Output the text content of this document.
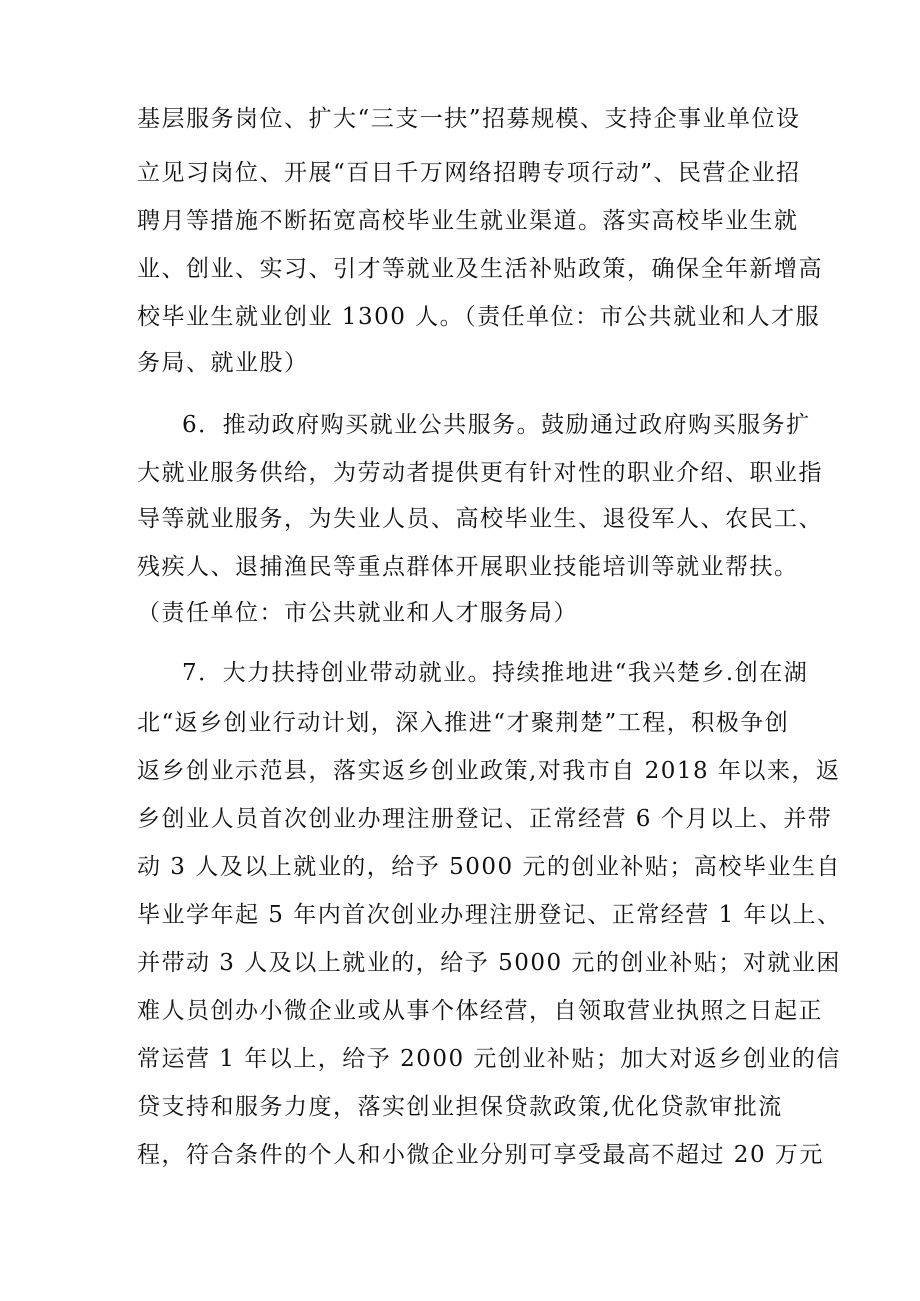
基层服务岗位、扩大“三支一扶”招募规模、支持企事业单位设
立见习岗位、开展“百日千万网络招聘专项行动”、民营企业招
聘月等措施不断拓宽高校毕业生就业渠道。落实高校毕业生就
业、创业、实习、引才等就业及生活补贴政策，确保全年新增高
校毕业生就业创业 1300 人。（责任单位：市公共就业和人才服
务局、就业股）
6．推动政府购买就业公共服务。鼓励通过政府购买服务扩
大就业服务供给，为劳动者提供更有针对性的职业介绍、职业指
导等就业服务，为失业人员、高校毕业生、退役军人、农民工、
残疾人、退捕渔民等重点群体开展职业技能培训等就业帮扶。
（责任单位：市公共就业和人才服务局）
7．大力扶持创业带动就业。持续推地进“我兴楚乡.创在湖
北“返乡创业行动计划，深入推进“才聚荆楚”工程，积极争创
返乡创业示范县，落实返乡创业政策,对我市自 2018 年以来，返
乡创业人员首次创业办理注册登记、正常经营 6 个月以上、并带
动 3 人及以上就业的，给予 5000 元的创业补贴；高校毕业生自
毕业学年起 5 年内首次创业办理注册登记、正常经营 1 年以上、
并带动 3 人及以上就业的，给予 5000 元的创业补贴；对就业困
难人员创办小微企业或从事个体经营，自领取营业执照之日起正
常运营 1 年以上，给予 2000 元创业补贴；加大对返乡创业的信
贷支持和服务力度，落实创业担保贷款政策,优化贷款审批流
程，符合条件的个人和小微企业分别可享受最高不超过 20 万元
